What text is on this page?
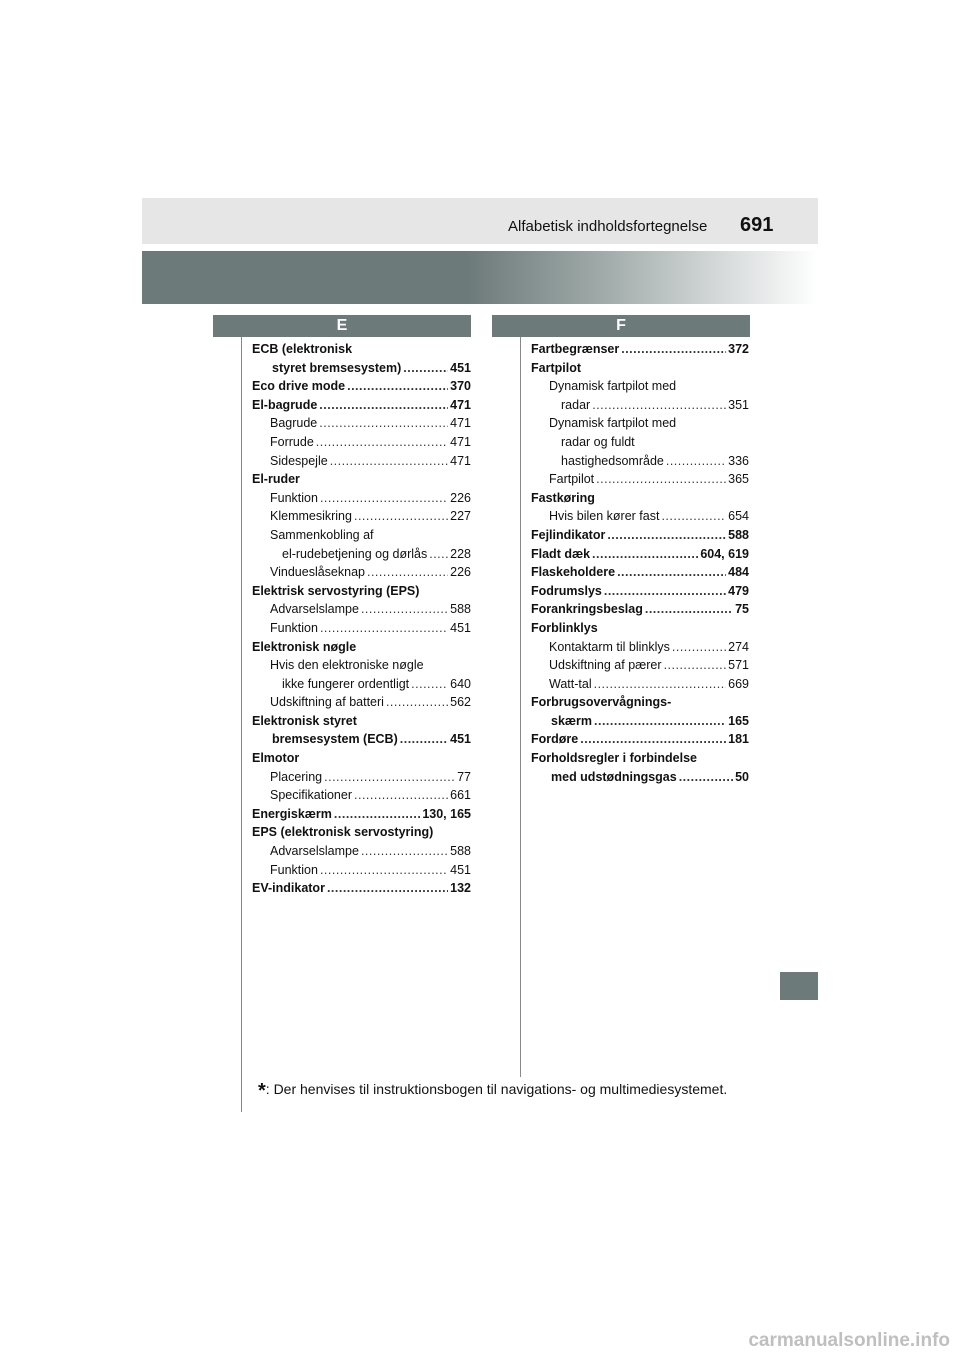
Alfabetisk indholdsfortegnelse 691
E	F
ECB (elektronisk
styret bremsesystem) .....	451
Eco drive mode .....	370
El-bagrude .....	471
Bagrude .....	471
Forrude .....	471
Sidespejle .....	471
El-ruder
Funktion .....	226
Klemmesikring .....	227
Sammenkobling af
el-rudebetjening og dørlås ..... 228
Vindueslåseknap .....	226
Elektrisk servostyring (EPS)
Advarselslampe .....	588
Funktion .....	451
Elektronisk nøgle
Hvis den elektroniske nøgle
ikke fungerer ordentligt .....	640
Udskiftning af batteri .....	562
Elektronisk styret
bremsesystem (ECB) .....	451
Elmotor
Placering .....	77
Specifikationer .....	661
Energiskærm .....	130, 165
EPS (elektronisk servostyring)
Advarselslampe .....	588
Funktion .....	451
EV-indikator .....	132
Fartbegrænser .....	372
Fartpilot
Dynamisk fartpilot med
radar .....	351
Dynamisk fartpilot med
radar og fuldt
hastighedsområde .....	336
Fartpilot .....	365
Fastkøring
Hvis bilen kører fast .....	654
Fejlindikator .....	588
Fladt dæk .....	604, 619
Flaskeholdere .....	484
Fodrumslys .....	479
Forankringsbeslag .....	75
Forblinklys
Kontaktarm til blinklys .....	274
Udskiftning af pærer .....	571
Watt-tal .....	669
Forbrugsovervågnings-
skærm .....	165
Fordøre .....	181
Forholdsregler i forbindelse
med udstødningsgas .....	50
*: Der henvises til instruktionsbogen til navigations- og multimediesystemet.
carmanualsonline.info
